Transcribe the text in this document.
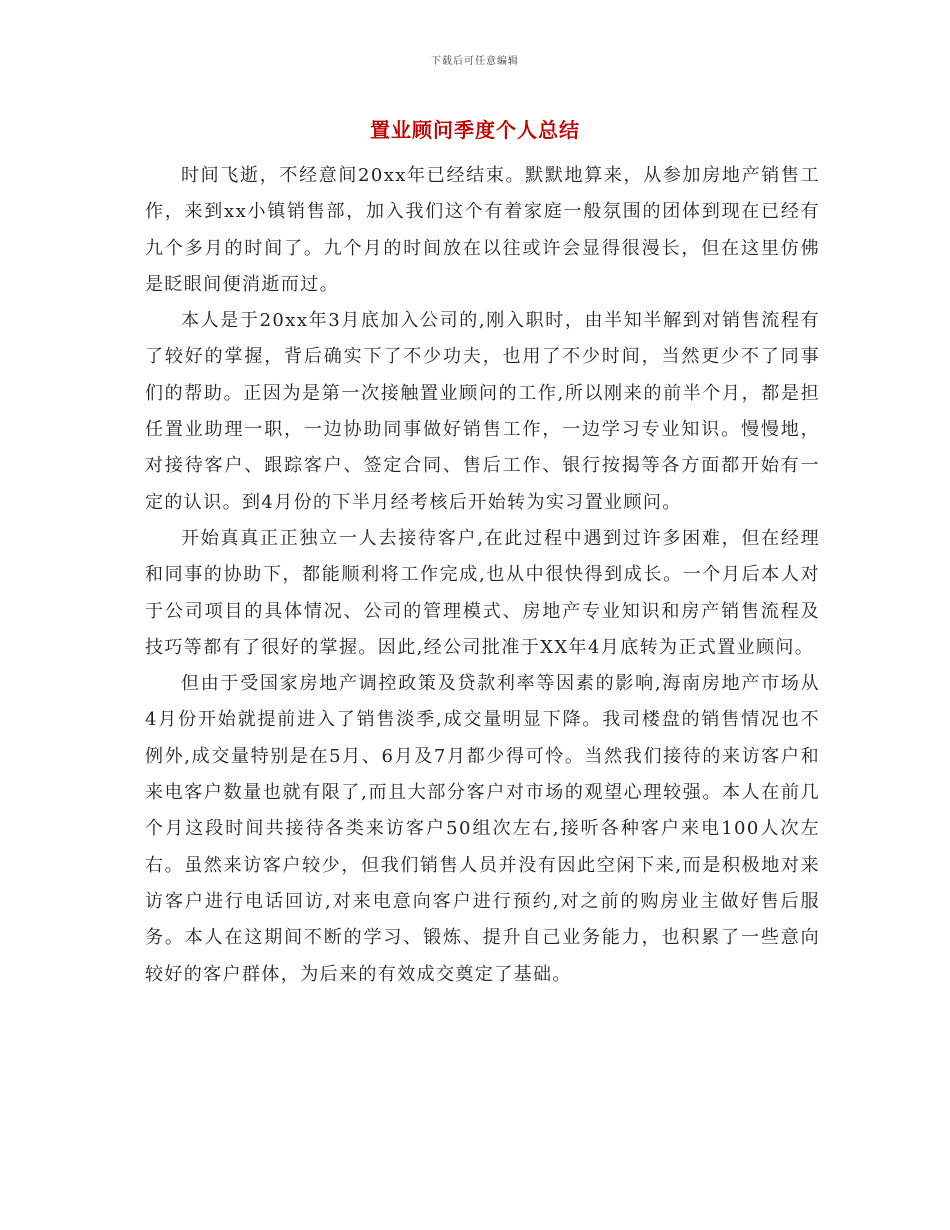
下载后可任意编辑
置业顾问季度个人总结

时间飞逝，不经意间20xx年已经结束。默默地算来，从参加房地产销售工作，来到xx小镇销售部，加入我们这个有着家庭一般氛围的团体到现在已经有九个多月的时间了。九个月的时间放在以往或许会显得很漫长，但在这里仿佛是眨眼间便消逝而过。

本人是于20xx年3月底加入公司的,刚入职时，由半知半解到对销售流程有了较好的掌握，背后确实下了不少功夫，也用了不少时间，当然更少不了同事们的帮助。正因为是第一次接触置业顾问的工作,所以刚来的前半个月，都是担任置业助理一职，一边协助同事做好销售工作，一边学习专业知识。慢慢地，对接待客户、跟踪客户、签定合同、售后工作、银行按揭等各方面都开始有一定的认识。到4月份的下半月经考核后开始转为实习置业顾问。

开始真真正正独立一人去接待客户,在此过程中遇到过许多困难，但在经理和同事的协助下，都能顺利将工作完成,也从中很快得到成长。一个月后本人对于公司项目的具体情况、公司的管理模式、房地产专业知识和房产销售流程及技巧等都有了很好的掌握。因此,经公司批准于XX年4月底转为正式置业顾问。

但由于受国家房地产调控政策及贷款利率等因素的影响,海南房地产市场从4月份开始就提前进入了销售淡季,成交量明显下降。我司楼盘的销售情况也不例外,成交量特别是在5月、6月及7月都少得可怜。当然我们接待的来访客户和来电客户数量也就有限了,而且大部分客户对市场的观望心理较强。本人在前几个月这段时间共接待各类来访客户50组次左右,接听各种客户来电100人次左右。虽然来访客户较少，但我们销售人员并没有因此空闲下来,而是积极地对来访客户进行电话回访,对来电意向客户进行预约,对之前的购房业主做好售后服务。本人在这期间不断的学习、锻炼、提升自己业务能力，也积累了一些意向较好的客户群体，为后来的有效成交奠定了基础。
